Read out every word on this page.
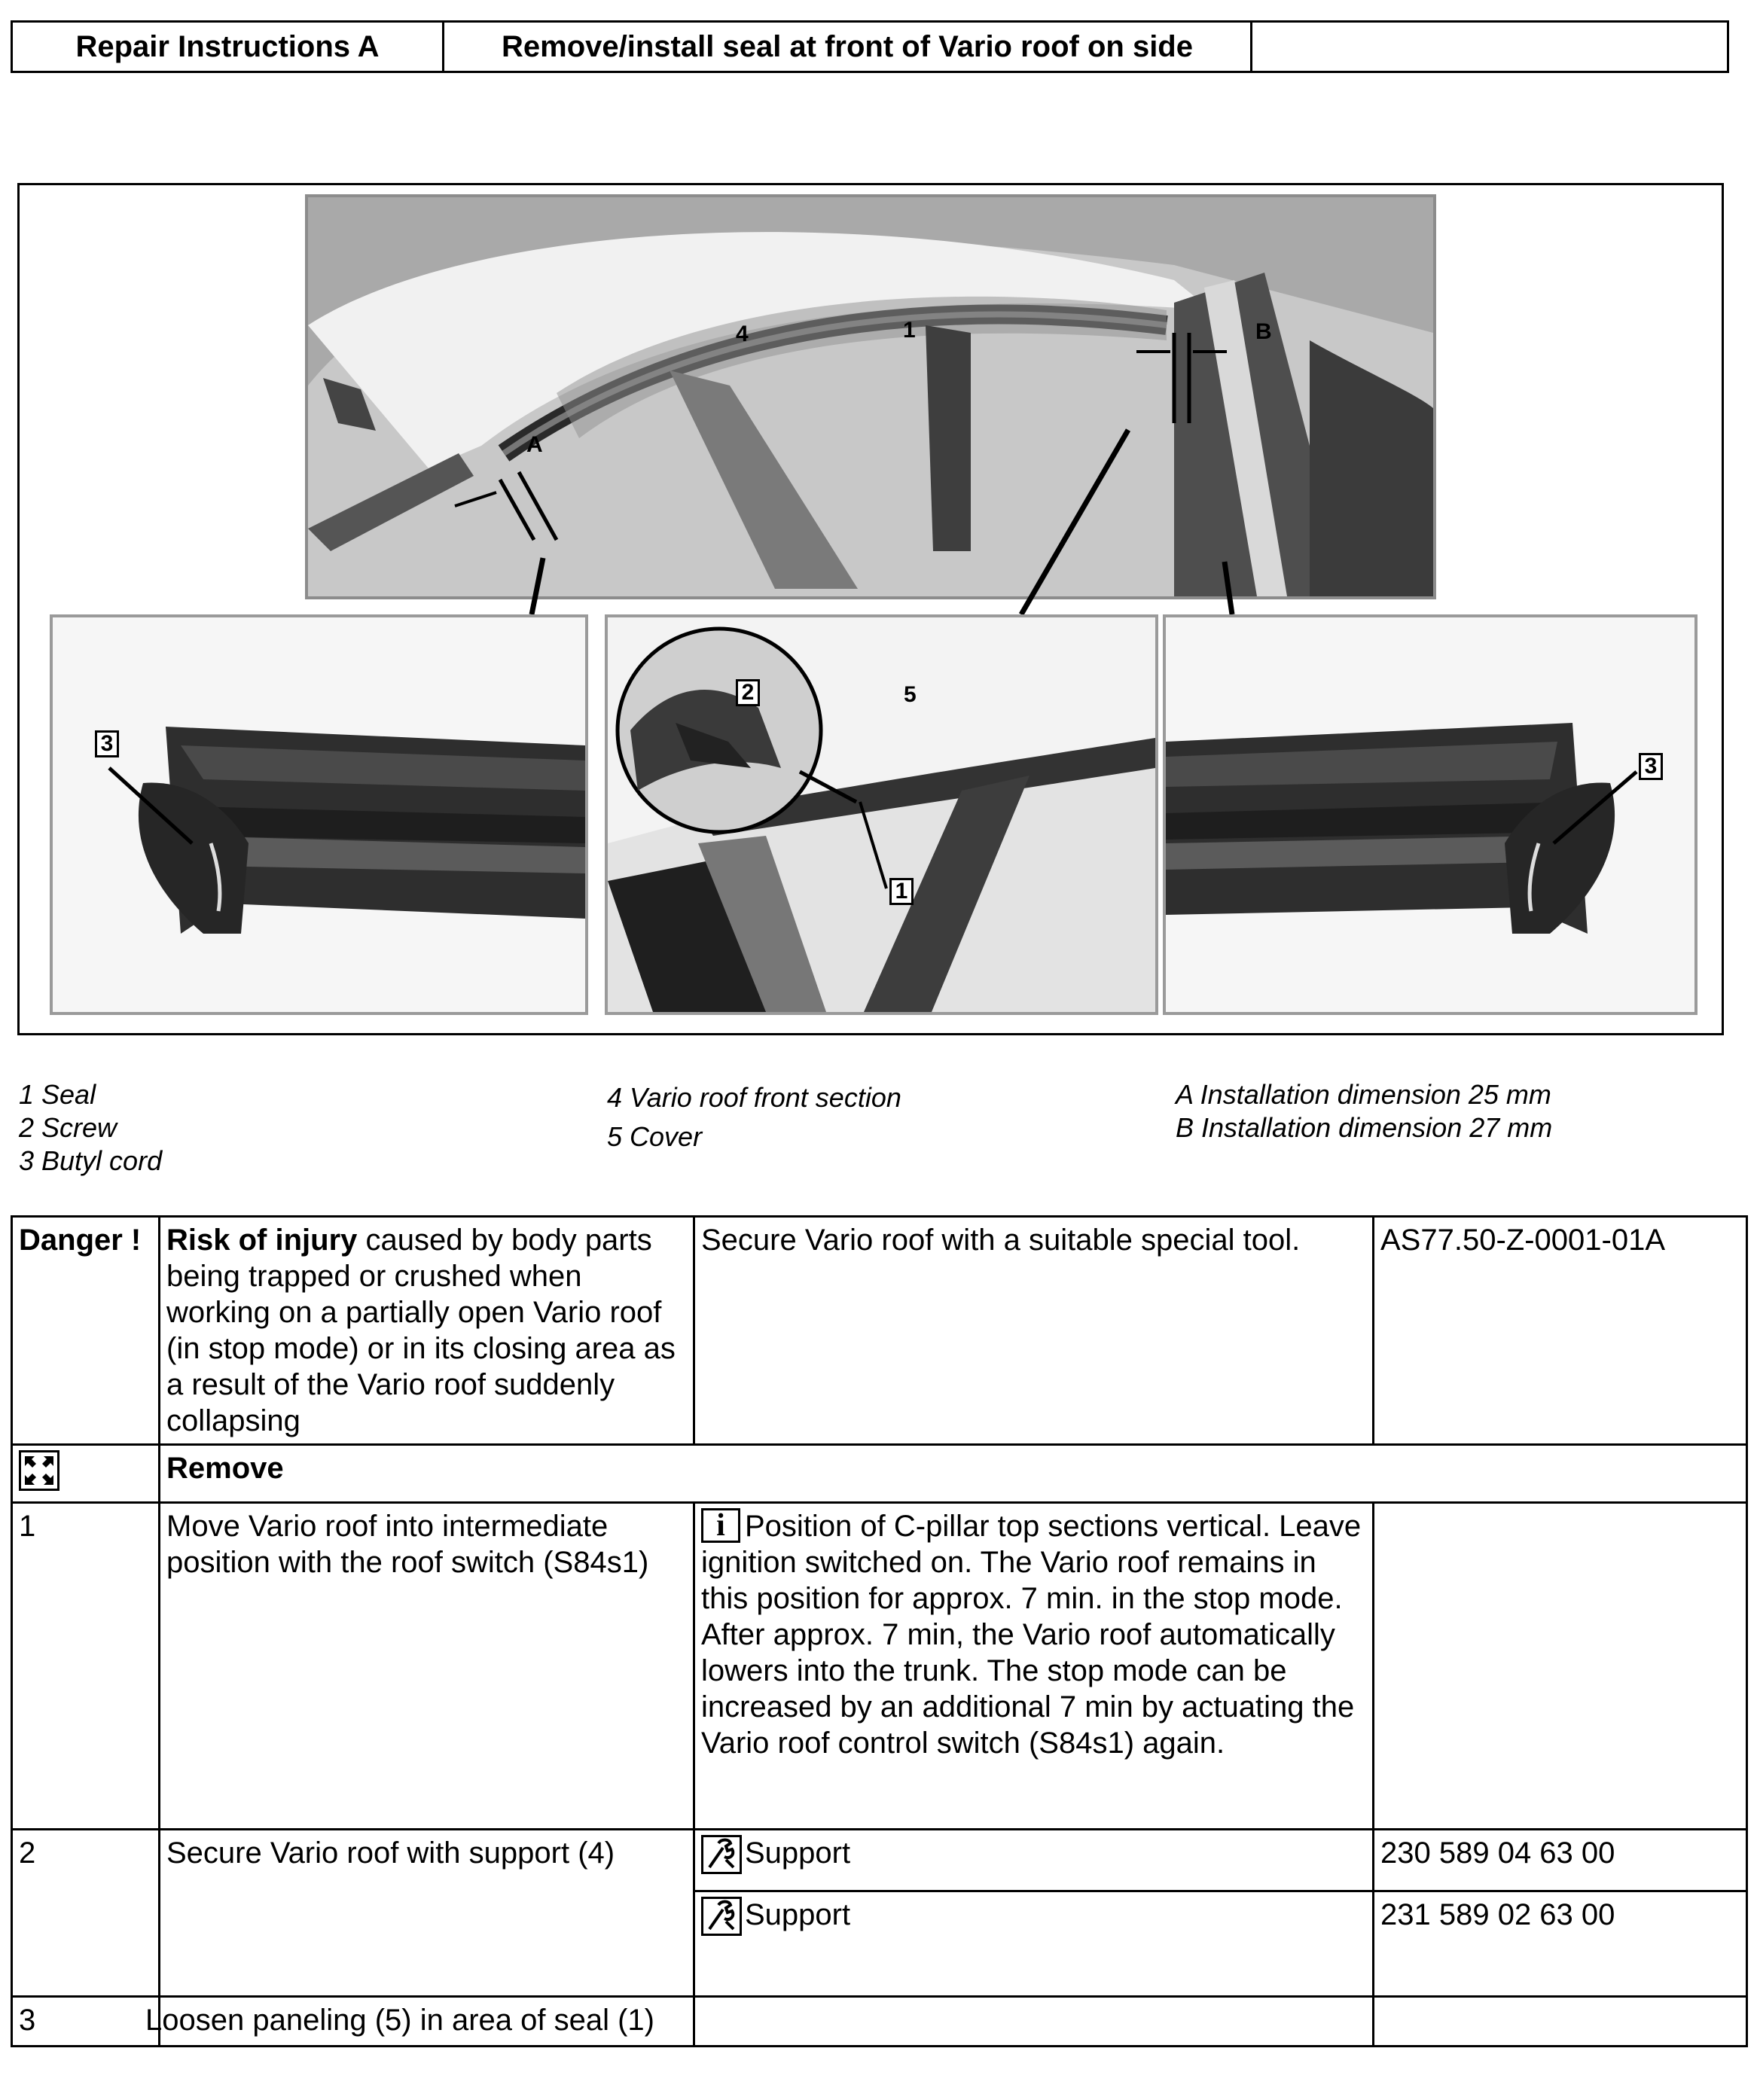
Repair Instructions A	Remove/install seal at front of Vario roof on side
4	1
A
B
3
2	5
1
3
1 Seal
2 Screw
3 Butyl cord
4 Vario roof front section
5 Cover
A Installation dimension 25 mm
B Installation dimension 27 mm
Danger !	Risk of injury caused by body parts being trapped or crushed when working on a partially open Vario roof (in stop mode) or in its closing area as a result of the Vario roof suddenly collapsing	Secure Vario roof with a suitable special tool.	AS77.50-Z-0001-01A
	Remove
1	Move Vario roof into intermediate position with the roof switch (S84s1)	i Position of C-pillar top sections vertical. Leave ignition switched on. The Vario roof remains in this position for approx. 7 min. in the stop mode. After approx. 7 min, the Vario roof automatically lowers into the trunk. The stop mode can be increased by an additional 7 min by actuating the Vario roof control switch (S84s1) again.	
2	Secure Vario roof with support (4)	Support	230 589 04 63 00
Support	231 589 02 63 00
3	Loosen paneling (5) in area of seal (1)		
